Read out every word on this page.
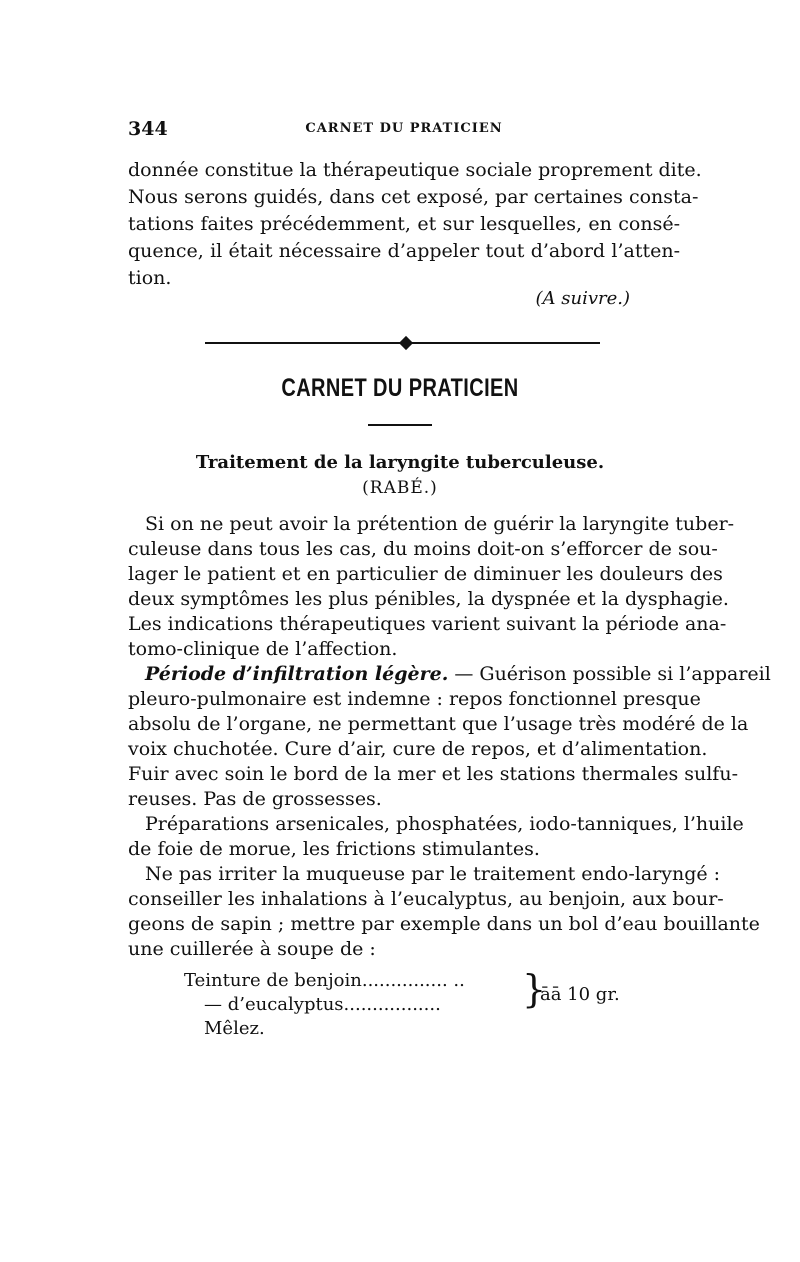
344	CARNET DU PRATICIEN
donnée constitue la thérapeutique sociale proprement dite.
Nous serons guidés, dans cet exposé, par certaines consta-
tations faites précédemment, et sur lesquelles, en consé-
quence, il était nécessaire d’appeler tout d’abord l’atten-
tion.
(A suivre.)
CARNET DU PRATICIEN
Traitement de la laryngite tuberculeuse.
(RABÉ.)
Si on ne peut avoir la prétention de guérir la laryngite tuber-
culeuse dans tous les cas, du moins doit-on s’efforcer de sou-
lager le patient et en particulier de diminuer les douleurs des
deux symptômes les plus pénibles, la dyspnée et la dysphagie.
Les indications thérapeutiques varient suivant la période ana-
tomo-clinique de l’affection.
Période d’infiltration légère. — Guérison possible si l’appareil
pleuro-pulmonaire est indemne : repos fonctionnel presque
absolu de l’organe, ne permettant que l’usage très modéré de la
voix chuchotée. Cure d’air, cure de repos, et d’alimentation.
Fuir avec soin le bord de la mer et les stations thermales sulfu-
reuses. Pas de grossesses.
Préparations arsenicales, phosphatées, iodo-tanniques, l’huile
de foie de morue, les frictions stimulantes.
Ne pas irriter la muqueuse par le traitement endo-laryngé :
conseiller les inhalations à l’eucalyptus, au benjoin, aux bour-
geons de sapin ; mettre par exemple dans un bol d’eau bouillante
une cuillerée à soupe de :
Teinture de benjoin............... ..
— d’eucalyptus................. }
āā 10 gr.
Mêlez.
